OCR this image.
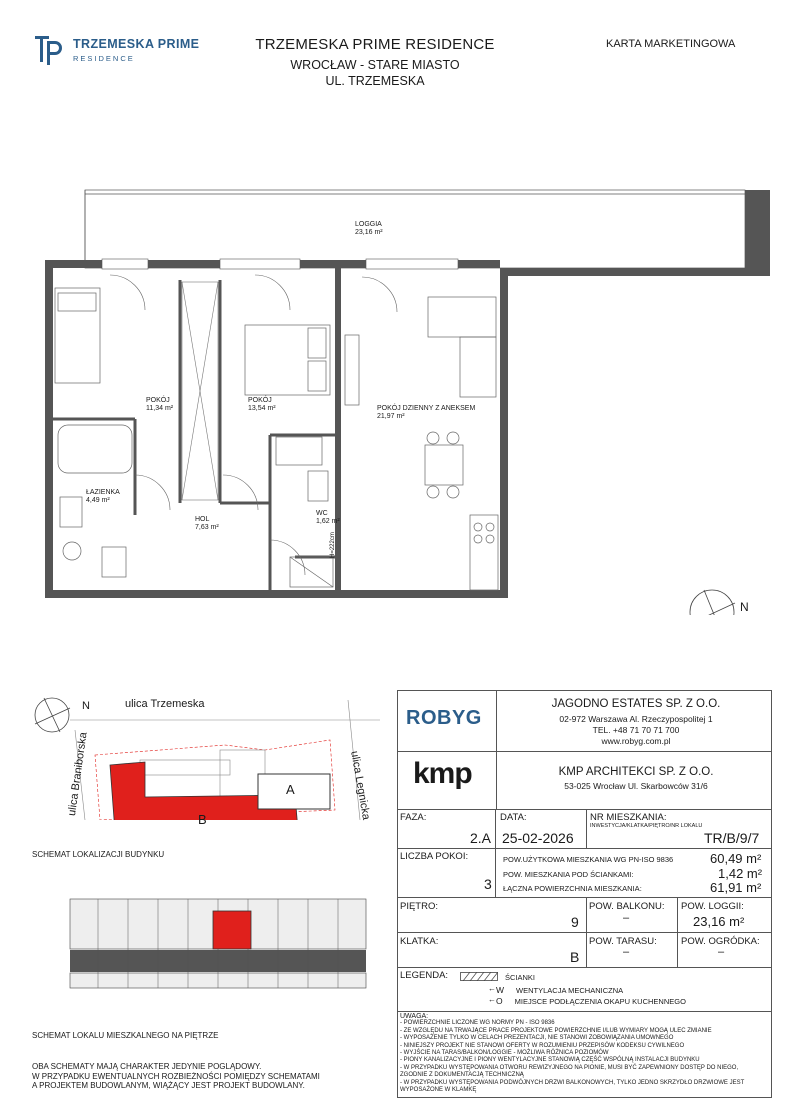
TRZEMESKA PRIME
RESIDENCE
TRZEMESKA PRIME RESIDENCE
WROCŁAW - STARE MIASTO
UL. TRZEMESKA
KARTA MARKETINGOWA
N
LOGGIA
23,16 m²
POKÓJ
11,34 m²
POKÓJ
13,54 m²	POKÓJ DZIENNY Z ANEKSEM
21,97 m²
ŁAZIENKA
4,49 m²
HOL
7,63 m²
WC
1,62 m²
H=222cm
N	ulica Trzemeska
ulica Braniborska	ulica Legnicka
B
A
SCHEMAT LOKALIZACJI BUDYNKU
SCHEMAT LOKALU MIESZKALNEGO NA PIĘTRZE
OBA SCHEMATY MAJĄ CHARAKTER JEDYNIE POGLĄDOWY.
W PRZYPADKU EWENTUALNYCH ROZBIEŻNOŚCI POMIĘDZY SCHEMATAMI
A PROJEKTEM BUDOWLANYM, WIĄŻĄCY JEST PROJEKT BUDOWLANY.
ROBYG
JAGODNO ESTATES SP. Z O.O.
02-972 Warszawa Al. Rzeczypospolitej 1
TEL. +48 71 70 71 700
www.robyg.com.pl
kmp	KMP ARCHITEKCI SP. Z O.O.
53-025 Wrocław Ul. Skarbowców 31/6
FAZA:
2.A
DATA:
25-02-2026
NR MIESZKANIA:
INWESTYCJA/KLATKA/PIĘTRO/NR LOKALU
TR/B/9/7
LICZBA POKOI:
3
POW.UŻYTKOWA MIESZKANIA WG PN-ISO 9836	60,49 m²
POW. MIESZKANIA POD ŚCIANKAMI:	1,42 m²
ŁĄCZNA POWIERZCHNIA MIESZKANIA:	61,91 m²
PIĘTRO:
9
POW. BALKONU:
–
POW. LOGGII:
23,16 m²
KLATKA:
B
POW. TARASU:
–
POW. OGRÓDKA:
–
LEGENDA:	ŚCIANKI
← W WENTYLACJA MECHANICZNA
← O MIEJSCE PODŁĄCZENIA OKAPU KUCHENNEGO
UWAGA:
- POWIERZCHNIE LICZONE WG NORMY PN - ISO 9836
- ZE WZGLĘDU NA TRWAJĄCE PRACE PROJEKTOWE POWIERZCHNIE I/LUB WYMIARY MOGĄ ULEC ZMIANIE
- WYPOSAŻENIE TYLKO W CELACH PREZENTACJI, NIE STANOWI ZOBOWIĄZANIA UMOWNEGO
- NINIEJSZY PROJEKT NIE STANOWI OFERTY W ROZUMIENIU PRZEPISÓW KODEKSU CYWILNEGO
- WYJŚCIE NA TARAS/BALKON/LOGGIE - MOŻLIWA RÓŻNICA POZIOMÓW
- PIONY KANALIZACYJNE I PIONY WENTYLACYJNE STANOWIĄ CZĘŚĆ WSPÓLNĄ INSTALACJI BUDYNKU
- W PRZYPADKU WYSTĘPOWANIA OTWORU REWIZYJNEGO NA PIONIE, MUSI BYĆ ZAPEWNIONY DOSTĘP DO NIEGO,
ZGODNIE Z DOKUMENTACJĄ TECHNICZNĄ
- W PRZYPADKU WYSTĘPOWANIA PODWÓJNYCH DRZWI BALKONOWYCH, TYLKO JEDNO SKRZYDŁO DRZWIOWE JEST
WYPOSAŻONE W KLAMKĘ
